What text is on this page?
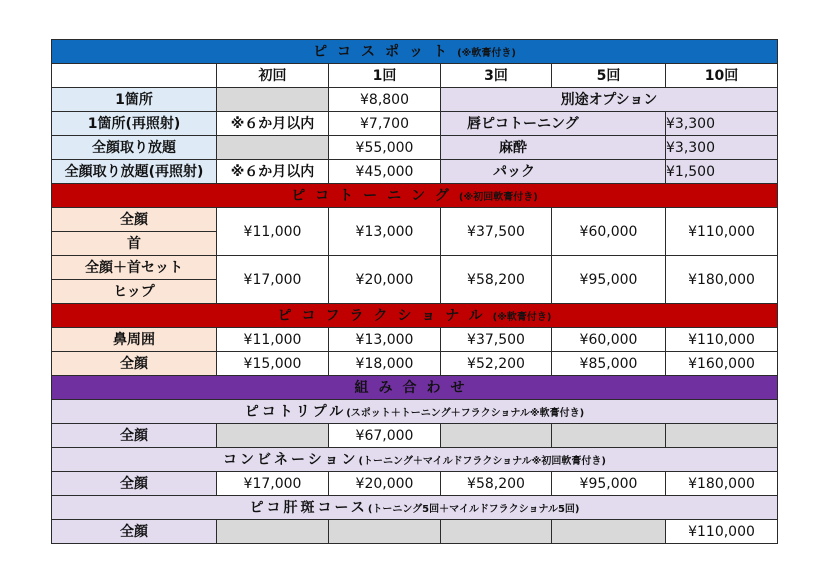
ピコスポット(※軟膏付き)					
	初回	1回	3回	5回	10回
1箇所		¥8,800	別途オプション		
1箇所(再照射)	※６か月以内	¥7,700	唇ピコトーニング		¥3,300
全顔取り放題		¥55,000	麻酔		¥3,300
全顔取り放題(再照射)	※６か月以内	¥45,000	パック		¥1,500
ピコトーニング(※初回軟膏付き)					
全顔	¥11,000	¥13,000	¥37,500	¥60,000	¥110,000
首					
全顔＋首セット	¥17,000	¥20,000	¥58,200	¥95,000	¥180,000
ヒップ					
ピコフラクショナル(※軟膏付き)					
鼻周囲	¥11,000	¥13,000	¥37,500	¥60,000	¥110,000
全顔	¥15,000	¥18,000	¥52,200	¥85,000	¥160,000
組み合わせ					
ピコトリプル(スポット＋トーニング＋フラクショナル※軟膏付き)					
全顔		¥67,000			
コンビネーション(トーニング＋マイルドフラクショナル※初回軟膏付き)					
全顔	¥17,000	¥20,000	¥58,200	¥95,000	¥180,000
ピコ肝斑コース(トーニング5回＋マイルドフラクショナル5回)					
全顔					¥110,000
